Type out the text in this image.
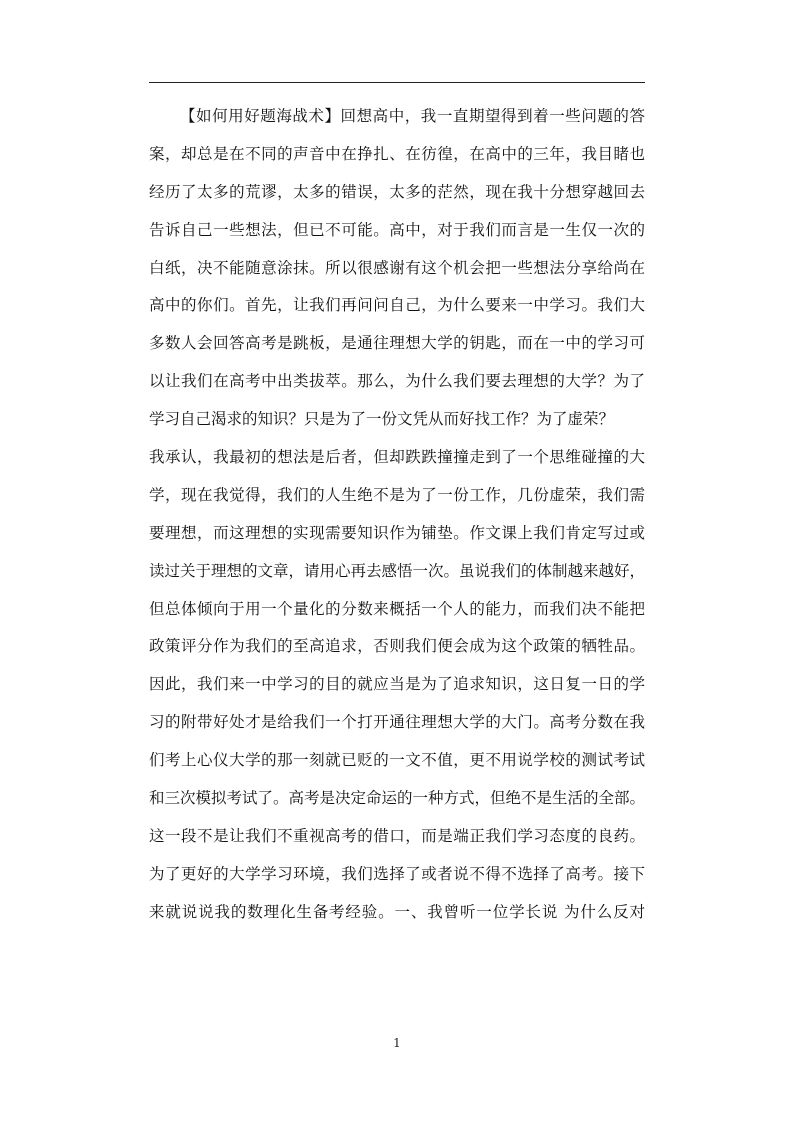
【如何用好题海战术】回想高中，我一直期望得到着一些问题的答
案，却总是在不同的声音中在挣扎、在彷徨，在高中的三年，我目睹也
经历了太多的荒谬，太多的错误，太多的茫然，现在我十分想穿越回去
告诉自己一些想法，但已不可能。高中，对于我们而言是一生仅一次的
白纸，决不能随意涂抹。所以很感谢有这个机会把一些想法分享给尚在
高中的你们。首先，让我们再问问自己，为什么要来一中学习。我们大
多数人会回答高考是跳板，是通往理想大学的钥匙，而在一中的学习可
以让我们在高考中出类拔萃。那么，为什么我们要去理想的大学？为了
学习自己渴求的知识？只是为了一份文凭从而好找工作？为了虚荣？
我承认，我最初的想法是后者，但却跌跌撞撞走到了一个思维碰撞的大
学，现在我觉得，我们的人生绝不是为了一份工作，几份虚荣，我们需
要理想，而这理想的实现需要知识作为铺垫。作文课上我们肯定写过或
读过关于理想的文章，请用心再去感悟一次。虽说我们的体制越来越好，
但总体倾向于用一个量化的分数来概括一个人的能力，而我们决不能把
政策评分作为我们的至高追求，否则我们便会成为这个政策的牺牲品。
因此，我们来一中学习的目的就应当是为了追求知识，这日复一日的学
习的附带好处才是给我们一个打开通往理想大学的大门。高考分数在我
们考上心仪大学的那一刻就已贬的一文不值，更不用说学校的测试考试
和三次模拟考试了。高考是决定命运的一种方式，但绝不是生活的全部。
这一段不是让我们不重视高考的借口，而是端正我们学习态度的良药。
为了更好的大学学习环境，我们选择了或者说不得不选择了高考。接下
来就说说我的数理化生备考经验。一、我曾听一位学长说 为什么反对
1
